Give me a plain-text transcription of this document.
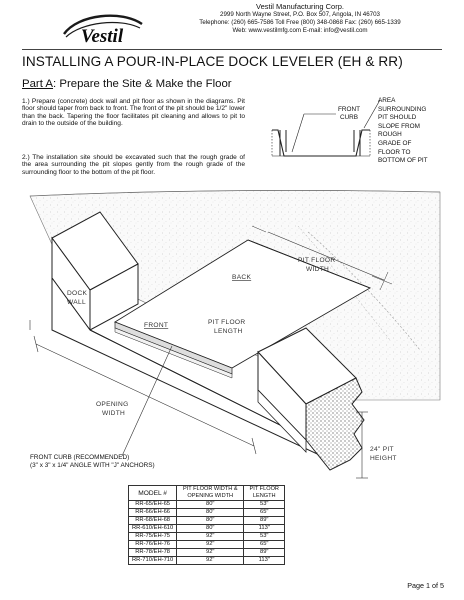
Vestil
Vestil Manufacturing Corp.
2999 North Wayne Street, P.O. Box 507, Angola, IN 46703
Telephone: (260) 665-7586 Toll Free (800) 348-0868 Fax: (260) 665-1339
Web: www.vestilmfg.com E-mail: info@vestil.com
INSTALLING A POUR-IN-PLACE DOCK LEVELER (EH & RR)
Part A: Prepare the Site & Make the Floor
1.) Prepare (concrete) dock wall and pit floor as shown in the diagrams. Pit floor should taper from back to front. The front of the pit should be 1/2" lower than the back. Tapering the floor facilitates pit cleaning and allows to pit to drain to the outside of the building.
2.) The installation site should be excavated such that the rough grade of the area surrounding the pit slopes gently from the rough grade of the surrounding floor to the bottom of the pit floor.
FRONT
CURB
AREA
SURROUNDING
PIT SHOULD
SLOPE FROM
ROUGH
GRADE OF
FLOOR TO
BOTTOM OF PIT
DOCK
WALL
BACK
FRONT
PIT FLOOR
WIDTH
PIT FLOOR
LENGTH
OPENING
WIDTH
24" PIT
HEIGHT
FRONT CURB (RECOMMENDED)
(3" x 3" x 1/4" ANGLE WITH "J" ANCHORS)
MODEL #	PIT FLOOR WIDTH & OPENING WIDTH	PIT FLOOR LENGTH
RR-65/EH-65	80"	53"
RR-66/EH-66	80"	65"
RR-68/EH-68	80"	89"
RR-610/EH-610	80"	113"
RR-75/EH-75	92"	53"
RR-76/EH-76	92"	65"
RR-78/EH-78	92"	89"
RR-710/EH-710	92"	113"
Page 1 of 5
